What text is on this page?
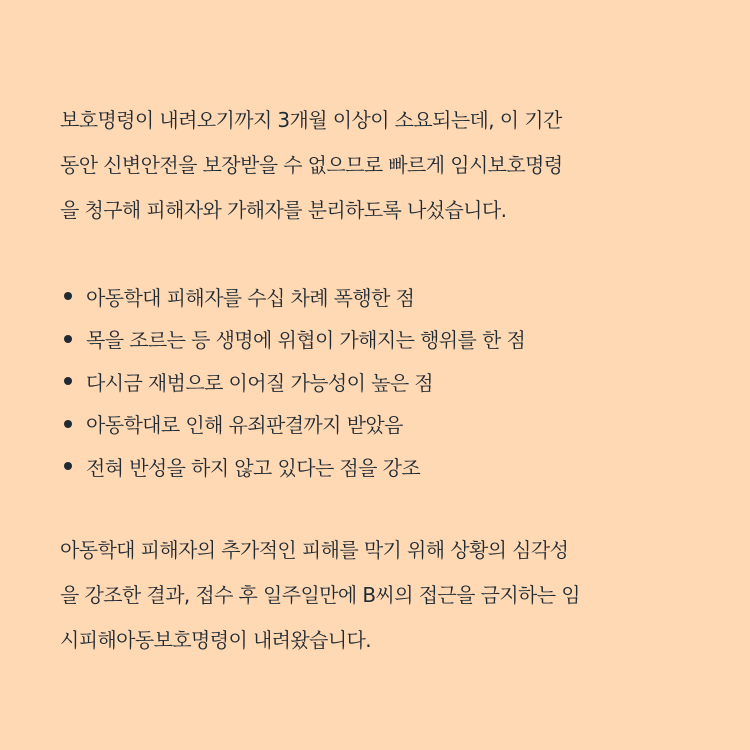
보호명령이 내려오기까지 3개월 이상이 소요되는데, 이 기간
동안 신변안전을 보장받을 수 없으므로 빠르게 임시보호명령
을 청구해 피해자와 가해자를 분리하도록 나섰습니다.

아동학대 피해자를 수십 차례 폭행한 점
목을 조르는 등 생명에 위협이 가해지는 행위를 한 점
다시금 재범으로 이어질 가능성이 높은 점
아동학대로 인해 유죄판결까지 받았음
전혀 반성을 하지 않고 있다는 점을 강조

아동학대 피해자의 추가적인 피해를 막기 위해 상황의 심각성
을 강조한 결과, 접수 후 일주일만에 B씨의 접근을 금지하는 임
시피해아동보호명령이 내려왔습니다.
